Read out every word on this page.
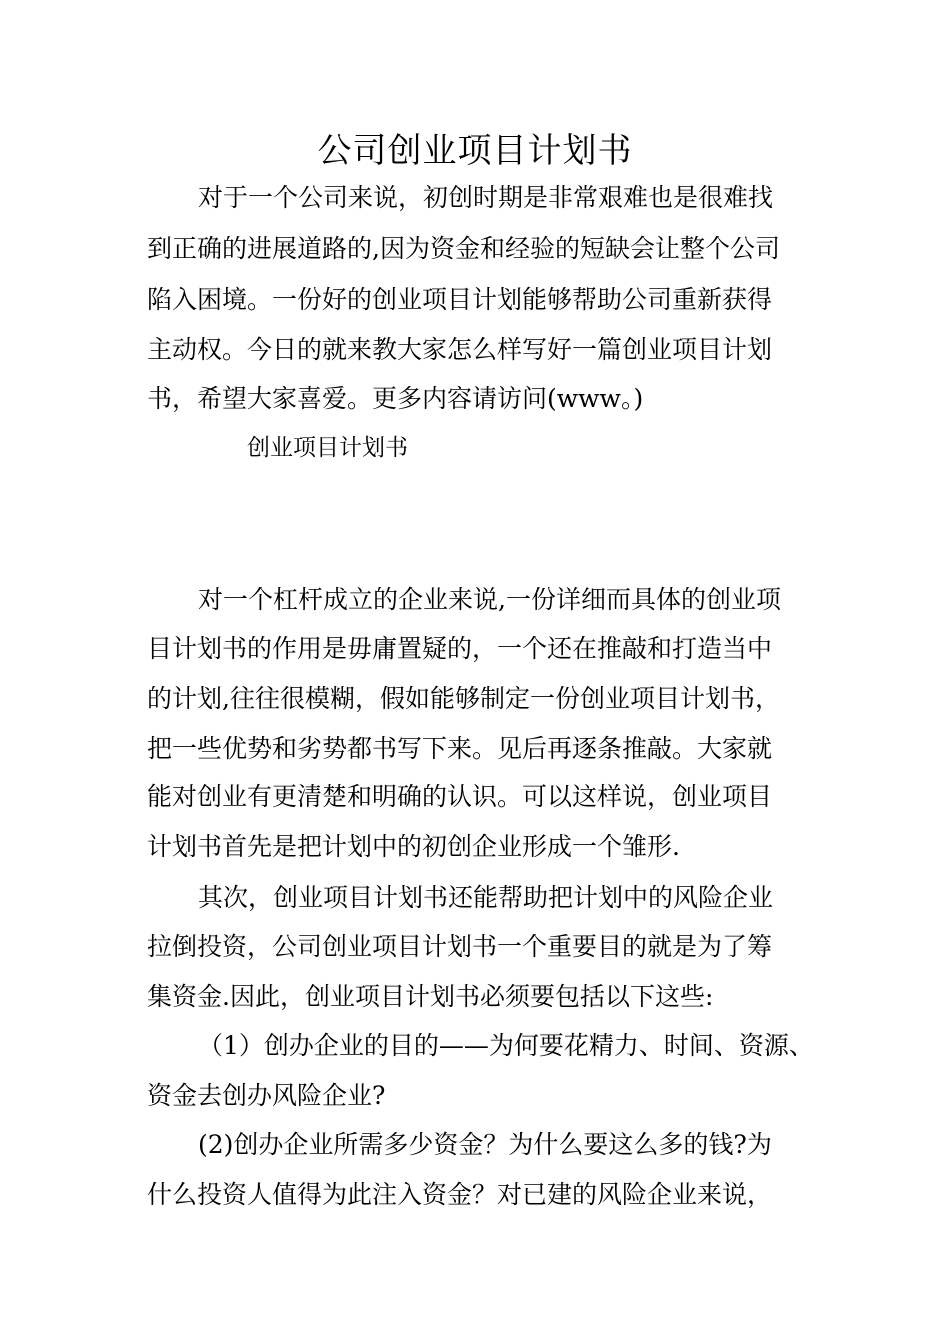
公司创业项目计划书
对于一个公司来说，初创时期是非常艰难也是很难找
到正确的进展道路的,因为资金和经验的短缺会让整个公司
陷入困境。一份好的创业项目计划能够帮助公司重新获得
主动权。今日的就来教大家怎么样写好一篇创业项目计划
书，希望大家喜爱。更多内容请访问(www。)
创业项目计划书
对一个杠杆成立的企业来说,一份详细而具体的创业项
目计划书的作用是毋庸置疑的，一个还在推敲和打造当中
的计划,往往很模糊，假如能够制定一份创业项目计划书，
把一些优势和劣势都书写下来。见后再逐条推敲。大家就
能对创业有更清楚和明确的认识。可以这样说，创业项目
计划书首先是把计划中的初创企业形成一个雏形.
其次，创业项目计划书还能帮助把计划中的风险企业
拉倒投资，公司创业项目计划书一个重要目的就是为了筹
集资金.因此，创业项目计划书必须要包括以下这些:
（1）创办企业的目的——为何要花精力、时间、资源、
资金去创办风险企业?
(2)创办企业所需多少资金？为什么要这么多的钱?为
什么投资人值得为此注入资金？对已建的风险企业来说，
